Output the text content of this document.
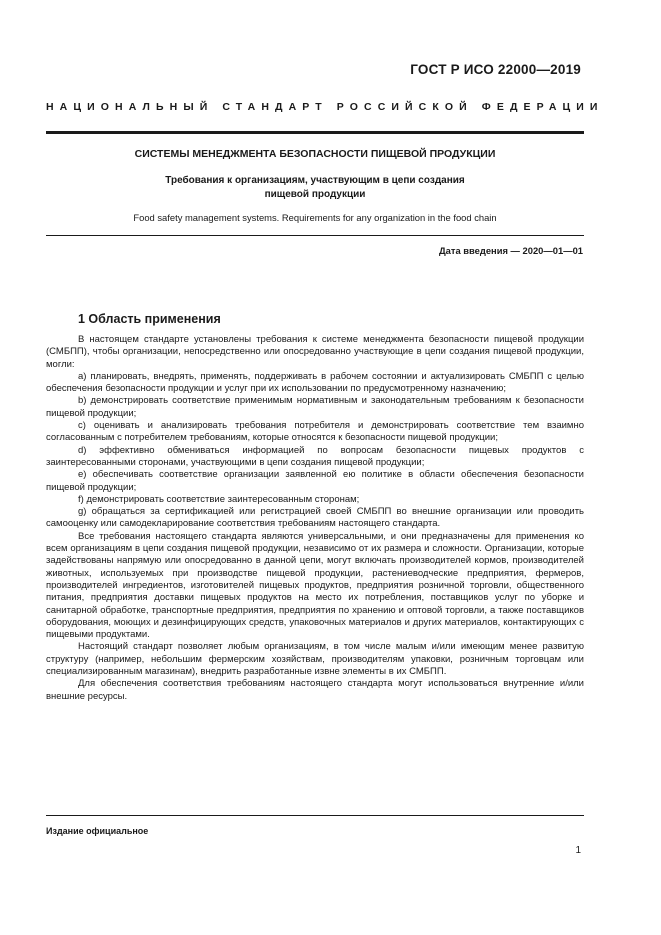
ГОСТ Р ИСО 22000—2019
НАЦИОНАЛЬНЫЙ СТАНДАРТ РОССИЙСКОЙ ФЕДЕРАЦИИ
СИСТЕМЫ МЕНЕДЖМЕНТА БЕЗОПАСНОСТИ ПИЩЕВОЙ ПРОДУКЦИИ
Требования к организациям, участвующим в цепи создания
пищевой продукции
Food safety management systems. Requirements for any organization in the food chain
Дата введения — 2020—01—01
1 Область применения

В настоящем стандарте установлены требования к системе менеджмента безопасности пищевой продукции (СМБПП), чтобы организации, непосредственно или опосредованно участвующие в цепи создания пищевой продукции, могли:

a) планировать, внедрять, применять, поддерживать в рабочем состоянии и актуализировать СМБПП с целью обеспечения безопасности продукции и услуг при их использовании по предусмотренному назначению;

b) демонстрировать соответствие применимым нормативным и законодательным требованиям к безопасности пищевой продукции;

c) оценивать и анализировать требования потребителя и демонстрировать соответствие тем взаимно согласованным с потребителем требованиям, которые относятся к безопасности пищевой продукции;

d) эффективно обмениваться информацией по вопросам безопасности пищевых продуктов с заинтересованными сторонами, участвующими в цепи создания пищевой продукции;

e) обеспечивать соответствие организации заявленной ею политике в области обеспечения безопасности пищевой продукции;

f) демонстрировать соответствие заинтересованным сторонам;

g) обращаться за сертификацией или регистрацией своей СМБПП во внешние организации или проводить самооценку или самодекларирование соответствия требованиям настоящего стандарта.

Все требования настоящего стандарта являются универсальными, и они предназначены для применения ко всем организациям в цепи создания пищевой продукции, независимо от их размера и сложности. Организации, которые задействованы напрямую или опосредованно в данной цепи, могут включать производителей кормов, производителей животных, используемых при производстве пищевой продукции, растениеводческие предприятия, фермеров, производителей ингредиентов, изготовителей пищевых продуктов, предприятия розничной торговли, общественного питания, предприятия доставки пищевых продуктов на место их потребления, поставщиков услуг по уборке и санитарной обработке, транспортные предприятия, предприятия по хранению и оптовой торговли, а также поставщиков оборудования, моющих и дезинфицирующих средств, упаковочных материалов и других материалов, контактирующих с пищевыми продуктами.

Настоящий стандарт позволяет любым организациям, в том числе малым и/или имеющим менее развитую структуру (например, небольшим фермерским хозяйствам, производителям упаковки, розничным торговцам или специализированным магазинам), внедрить разработанные извне элементы в их СМБПП.

Для обеспечения соответствия требованиям настоящего стандарта могут использоваться внутренние и/или внешние ресурсы.

Издание официальное
1
